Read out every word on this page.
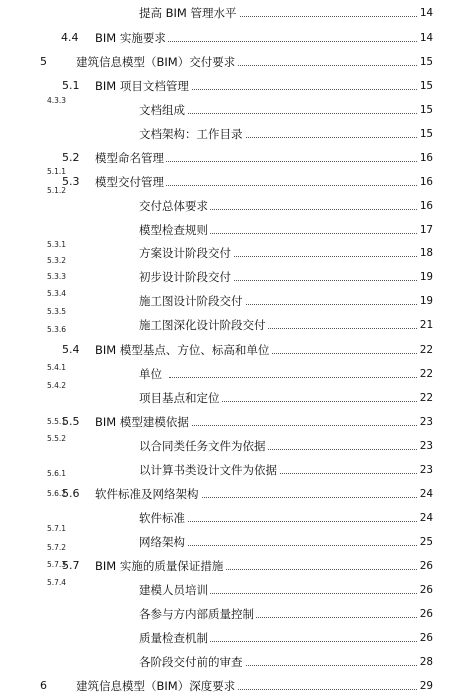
提高 BIM 管理水平	14
4.4 BIM 实施要求	14
5	建筑信息模型（BIM）交付要求	15
5.1 BIM 项目文档管理	15
文档组成	15
文档架构：工作目录	15
5.2 模型命名管理	16
5.3 模型交付管理	16
交付总体要求	16
模型检查规则	17
方案设计阶段交付	18
初步设计阶段交付	19
施工图设计阶段交付	19
施工图深化设计阶段交付	21
5.4 BIM 模型基点、方位、标高和单位	22
单位	22
项目基点和定位	22
5.5 BIM 模型建模依据	23
以合同类任务文件为依据	23
以计算书类设计文件为依据	23
5.6 软件标准及网络架构	24
软件标准	24
网络架构	25
5.7 BIM 实施的质量保证措施	26
建模人员培训	26
各参与方内部质量控制	26
质量检查机制	26
各阶段交付前的审查	28
6	建筑信息模型（BIM）深度要求	29
4.3.3
5.1.1
5.1.2
5.3.1
5.3.2
5.3.3
5.3.4
5.3.5
5.3.6
5.4.1
5.4.2
5.5.1
5.5.2
5.6.1
5.6.2
5.7.1
5.7.2
5.7.3
5.7.4
